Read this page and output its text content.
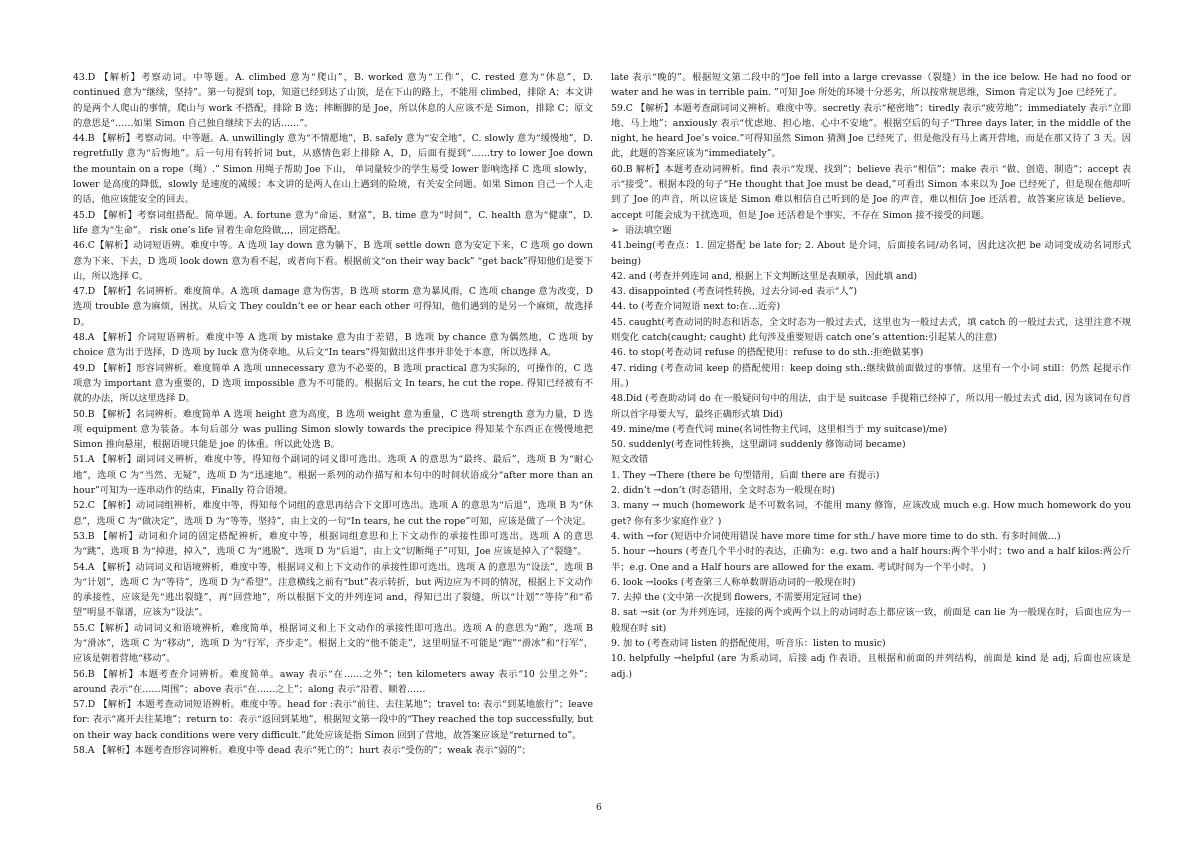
43.D 【解析】考察动词。中等题。A. climbed 意为“爬山”，B. worked 意为“工作”，C. rested 意为“休息”，D. continued 意为“继续，坚持”。第一句提到 top，知道已经到达了山顶，是在下山的路上，不能用 climbed，排除 A；本文讲的是两个人爬山的事情，爬山与 work 不搭配，排除 B 选；摔断脚的是 Joe，所以休息的人应该不是 Simon，排除 C；原文的意思是“……如果 Simon 自己独自继续下去的话……”。

44.B 【解析】考察动词。中等题。A. unwillingly 意为“不情愿地”，B. safely 意为“安全地”，C. slowly 意为“缓慢地”，D. regretfully 意为“后悔地”。后一句用有转折词 but，从感情色彩上排除 A，D，后面有提到“……try to lower Joe down the mountain on a rope（绳）.” Simon 用绳子帮助 Joe 下山， 单词量较少的学生易受 lower 影响选择 C 选项 slowly，lower 是高度的降低，slowly 是速度的减缓；本文讲的是两人在山上遇到的险境，有关安全问题。如果 Simon 自己一个人走的话，他应该能安全的回去。

45.D 【解析】考察词组搭配。简单题。A. fortune 意为“命运、财富”，B. time 意为“时间”，C. health 意为“健康”，D. life 意为“生命”。 risk one’s life 冒着生命危险做,,,，固定搭配。

46.C【解析】动词短语辨。难度中等。A 选项 lay down 意为躺下，B 选项 settle down 意为安定下来，C 选项 go down 意为下来、下去，D 选项 look down 意为看不起，或者向下看。根据前文“on their way back” “get back”得知他们是要下山，所以选择 C。

47.D 【解析】名词辨析。难度简单。A 选项 damage 意为伤害，B 选项 storm 意为暴风雨，C 选项 change 意为改变，D 选项 trouble 意为麻烦，困扰。从后文 They couldn’t ee or hear each other 可得知，他们遇到的是另一个麻烦，故选择 D。

48.A 【解析】介词短语辨析。难度中等 A 选项 by mistake 意为由于差错，B 选项 by chance 意为偶然地，C 选项 by choice 意为出于选择，D 选项 by luck 意为侥幸地。从后文“In tears”得知做出这件事并非处于本意，所以选择 A。

49.D 【解析】形容词辨析。难度简单 A 选项 unnecessary 意为不必要的，B 选项 practical 意为实际的，可操作的，C 选项意为 important 意为重要的，D 选项 impossible 意为不可能的。根据后文 In tears, he cut the rope. 得知已经被有不就的办法，所以这里选择 D。

50.B 【解析】名词辨析。难度简单 A 选项 height 意为高度，B 选项 weight 意为重量，C 选项 strength 意为力量，D 选项 equipment 意为装备。本句后部分 was pulling Simon slowly towards the precipice 得知某个东西正在慢慢地把 Simon 推向悬崖，根据语境只能是 joe 的体重。所以此处选 B。

51.A 【解析】副词词义辨析，难度中等，得知每个副词的词义即可选出。选项 A 的意思为“最终、最后”，选项 B 为“耐心地”，选项 C 为“当然、无疑”，选项 D 为“迅速地”。根据一系列的动作描写和本句中的时间状语成分“after more than an hour”可知为一连串动作的结束，Finally 符合语境。

52.C 【解析】动词词组辨析，难度中等，得知每个词组的意思再结合下文即可选出。选项 A 的意思为“后退”，选项 B 为“休息”，选项 C 为“做决定”，选项 D 为“等等，坚持”，由上文的一句“In tears, he cut the rope”可知，应该是做了一个决定。

53.B 【解析】动词和介词的固定搭配辨析，难度中等，根据词组意思和上下文动作的承接性即可选出。选项 A 的意思为“跳”，选项 B 为“掉进，掉入”，选项 C 为“逃脱”，选项 D 为“后退”，由上文“切断绳子”可知，Joe 应该是掉入了“裂缝”。

54.A 【解析】动词词义和语境辨析，难度中等，根据词义和上下文动作的承接性即可选出。选项 A 的意思为“设法”，选项 B 为“计划”，选项 C 为“等待”，选项 D 为“希望”。注意横线之前有“but”表示转折，but 两边应为不同的情况，根据上下文动作的承接性，应该是先“逃出裂缝”，再“回营地”，所以根据下文的并列连词 and，得知已出了裂缝，所以“计划”“等待”和“希望”明显不靠谱，应该为“设法”。

55.C【解析】动词词义和语境辨析，难度简单，根据词义和上下文动作的承接性即可选出。选项 A 的意思为“跑”，选项 B 为“滑冰”，选项 C 为“移动”，选项 D 为“行军，齐步走”。根据上文的“他不能走”，这里明显不可能是“跑”“滑冰”和“行军”，应该是朝着营地“移动”。

56.B 【解析】本题考查介词辨析。难度简单。away 表示“在……之外”；ten kilometers away 表示“10 公里之外”；around 表示“在……周围”；above 表示“在……之上”；along 表示“沿着、顺着……

57.D 【解析】本题考查动词短语辨析。难度中等。head for :表示“前往、去往某地”；travel to: 表示“到某地旅行”；leave for: 表示“离开去往某地”；return to：表示“返回到某地”，根据短文第一段中的“They reached the top successfully, but on their way back conditions were very difficult.”此处应该是指 Simon 回到了营地，故答案应该是“returned to”。

58.A 【解析】本题考查形容词辨析。难度中等 dead 表示“死亡的”；hurt 表示“受伤的”；weak 表示“弱的”；

late 表示“晚的”。根据短文第二段中的“Joe fell into a large crevasse（裂缝）in the ice below. He had no food or water and he was in terrible pain. ”可知 Joe 所处的环境十分恶劣，所以按常规思维，Simon 肯定以为 Joe 已经死了。

59.C 【解析】本题考查副词词义辨析。难度中等。secretly 表示“秘密地”；tiredly 表示“疲劳地”；immediately 表示“立即地、马上地”；anxiously 表示“忧虑地、担心地、心中不安地”。根据空后的句子“Three days later, in the middle of the night, he heard Joe’s voice.”可得知虽然 Simon 猜测 Joe 已经死了，但是他没有马上离开营地，而是在那又待了 3 天。因此，此题的答案应该为“immediately”。

60.B 解析】本题考查动词辨析。find 表示“发现、找到”；believe 表示“相信”；make 表示 “做、创造、制造”；accept 表示“接受”。根据本段的句子“He thought that Joe must be dead,”可看出 Simon 本来以为 Joe 已经死了，但是现在他却听到了 Joe 的声音，所以应该是 Simon 难以相信自己听到的是 Joe 的声音，难以相信 Joe 还活着，故答案应该是 believe。accept 可能会成为干扰选项，但是 Joe 还活着是个事实，不存在 Simon 接不接受的问题。

➢ 语法填空题

41.being(考查点：1. 固定搭配 be late for; 2. About 是介词，后面接名词/动名词，因此这次把 be 动词变成动名词形式 being)

42. and (考查并列连词 and, 根据上下文判断这里是表顺承，因此填 and)

43. disappointed (考查词性转换，过去分词-ed 表示“人”)

44. to (考查介词短语 next to:在…近旁)

45. caught(考查动词的时态和语态，全文时态为一般过去式，这里也为一般过去式，填 catch 的一般过去式，这里注意不规则变化 catch(caught; caught) 此句涉及重要短语 catch one’s attention:引起某人的注意)

46. to stop(考查动词 refuse 的搭配使用：refuse to do sth.:拒绝做某事)

47. riding (考查动词 keep 的搭配使用：keep doing sth.:继续做前面做过的事情。这里有一个小词 still：仍然 起提示作用。)

48.Did (考查助动词 do 在一般疑问句中的用法，由于是 suitcase 手提箱已经掉了，所以用一般过去式 did, 因为该词在句首所以首字母要大写，最终正确形式填 Did)

49. mine/me (考查代词 mine(名词性物主代词，这里相当于 my suitcase)/me)

50. suddenly(考查词性转换，这里副词 suddenly 修饰动词 became)

短文改错

1. They →There (there be 句型错用，后面 there are 有提示)

2. didn’t →don’t (时态错用，全文时态为一般现在时)

3. many → much (homework 是不可数名词，不能用 many 修饰，应该改成 much e.g. How much homework do you get? 你有多少家庭作业？)

4. with →for (短语中介词使用错误 have more time for sth./ have more time to do sth. 有多时间做…)

5. hour →hours (考查几个半小时的表达，正确为：e.g. two and a half hours:两个半小时；two and a half kilos:两公斤半；e.g. One and a Half hours are allowed for the exam. 考试时间为一个半小时。 )

6. look →looks (考查第三人称单数谓语动词的一般现在时)

7. 去掉 the (文中第一次提到 flowers, 不需要用定冠词 the)

8. sat →sit (or 为并列连词，连接的两个或两个以上的动词时态上都应该一致，前面是 can lie 为一般现在时，后面也应为一般现在时 sit)

9. 加 to (考查动词 listen 的搭配使用，听音乐：listen to music)

10. helpfully →helpful (are 为系动词，后接 adj 作表语，且根据和前面的并列结构，前面是 kind 是 adj, 后面也应该是 adj.)

6
